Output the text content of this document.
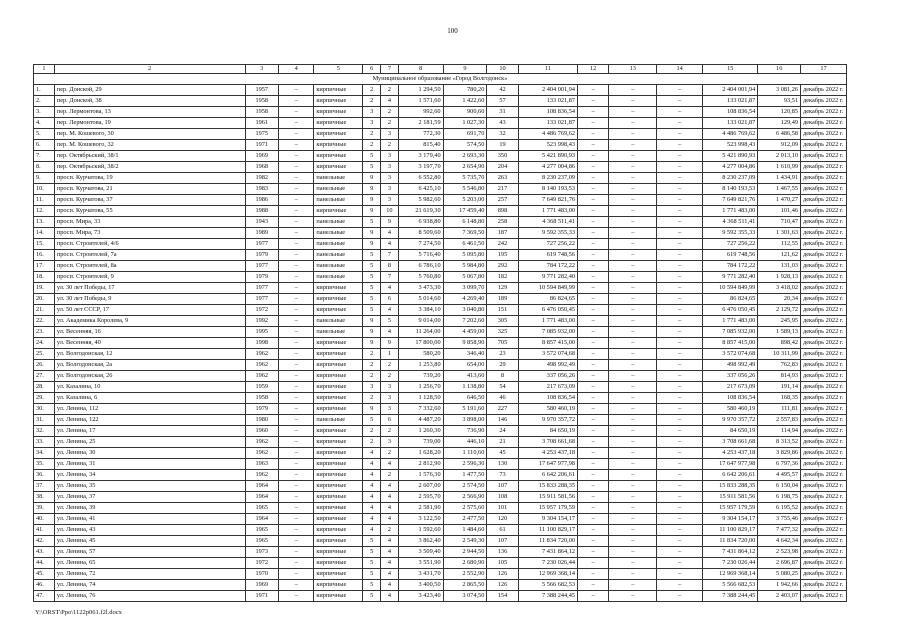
100
1	2	3	4	5	6	7	8	9	10	11	12	13	14	15	16	17
Муниципальное образование «Город Волгодонск»																
1.	пер. Донской, 29	1957	–	кирпичные	2	2	1 294,50	780,20	42	2 404 001,94	–	–	–	2 404 001,94	3 081,26	декабрь 2022 г.
2.	пер. Донской, 38	1958	–	кирпичные	2	4	1 571,60	1 422,60	57	133 021,87	–	–	–	133 021,87	93,51	декабрь 2022 г.
3.	пер. Лермонтова, 13	1958	–	кирпичные	3	2	992,60	900,60	31	108 836,54	–	–	–	108 836,54	120,85	декабрь 2022 г.
4.	пер. Лермонтова, 19	1961	–	кирпичные	3	2	2 181,59	1 027,30	43	133 021,87	–	–	–	133 021,87	129,49	декабрь 2022 г.
5.	пер. М. Кошевого, 30	1975	–	кирпичные	2	3	772,30	691,70	32	4 486 769,62	–	–	–	4 486 769,62	6 486,58	декабрь 2022 г.
6.	пер. М. Кошевого, 32	1971	–	кирпичные	2	2	815,40	574,50	19	523 998,43	–	–	–	523 998,43	912,09	декабрь 2022 г.
7.	пер. Октябрьский, 38/1	1969	–	кирпичные	5	3	3 179,40	2 693,30	350	5 421 890,93	–	–	–	5 421 890,93	2 013,10	декабрь 2022 г.
8.	пер. Октябрьский, 38/2	1968	–	кирпичные	5	3	3 197,70	2 654,90	204	4 277 004,86	–	–	–	4 277 004,86	1 610,99	декабрь 2022 г.
9.	просп. Курчатова, 19	1982	–	панельные	9	3	6 552,80	5 735,70	263	8 230 237,09	–	–	–	8 230 237,09	1 434,91	декабрь 2022 г.
10.	просп. Курчатова, 21	1983	–	панельные	9	3	6 425,10	5 546,80	217	8 140 193,53	–	–	–	8 140 193,53	1 467,55	декабрь 2022 г.
11.	просп. Курчатова, 37	1986	–	панельные	9	3	5 982,60	5 203,00	257	7 649 821,76	–	–	–	7 649 821,76	1 470,27	декабрь 2022 г.
12.	просп. Курчатова, 55	1988	–	кирпичные	9	10	21 619,30	17 459,40	898	1 771 483,00	–	–	–	1 771 483,00	101,46	декабрь 2022 г.
13.	просп. Мира, 33	1943	–	панельные	5	9	6 938,80	6 148,80	258	4 368 511,41	–	–	–	4 368 511,41	710,47	декабрь 2022 г.
14.	просп. Мира, 73	1989	–	панельные	9	4	8 509,60	7 369,50	187	9 592 355,33	–	–	–	9 592 355,33	1 301,63	декабрь 2022 г.
15.	просп. Строителей, 4/6	1977	–	панельные	9	4	7 274,50	6 461,50	242	727 256,22	–	–	–	727 256,22	112,55	декабрь 2022 г.
16.	просп. Строителей, 7а	1979	–	панельные	5	7	5 716,40	5 095,80	195	619 748,56	–	–	–	619 748,56	121,62	декабрь 2022 г.
17.	просп. Строителей, 8а	1977	–	панельные	5	8	6 786,10	5 984,80	292	784 172,22	–	–	–	784 172,22	131,03	декабрь 2022 г.
18.	просп. Строителей, 9	1979	–	панельные	5	7	5 760,80	5 067,80	182	9 771 282,40	–	–	–	9 771 282,40	1 928,13	декабрь 2022 г.
19.	ул. 30 лет Победы, 17	1977	–	кирпичные	5	4	3 473,30	3 099,70	129	10 594 849,99	–	–	–	10 594 849,99	3 418,02	декабрь 2022 г.
20.	ул. 30 лет Победы, 9	1977	–	кирпичные	5	6	5 014,60	4 269,40	189	86 824,65	–	–	–	86 824,65	20,34	декабрь 2022 г.
21.	ул. 50 лет СССР, 17	1972	–	кирпичные	5	4	3 384,10	3 040,80	151	6 476 050,45	–	–	–	6 476 050,45	2 129,72	декабрь 2022 г.
22.	ул. Академика Королева, 9	1992	–	панельные	9	5	9 014,00	7 202,60	305	1 771 483,00	–	–	–	1 771 483,00	245,95	декабрь 2022 г.
23.	ул. Весенняя, 16	1995	–	панельные	9	4	11 264,00	4 459,00	325	7 085 932,00	–	–	–	7 085 932,00	1 589,13	декабрь 2022 г.
24.	ул. Весенняя, 40	1998	–	кирпичные	9	9	17 800,00	9 858,90	705	8 857 415,00	–	–	–	8 857 415,00	898,42	декабрь 2022 г.
25.	ул. Волгодонская, 12	1962	–	кирпичные	2	1	580,20	346,40	23	3 572 074,68	–	–	–	3 572 074,68	10 311,99	декабрь 2022 г.
26.	ул. Волгодонская, 2а	1962	–	кирпичные	2	2	1 253,80	654,00	29	498 992,49	–	–	–	498 992,49	762,83	декабрь 2022 г.
27.	ул. Волгодонская, 26	1962	–	кирпичные	2	2	739,20	413,60	8	337 056,26	–	–	–	337 056,26	814,93	декабрь 2022 г.
28.	ул. Казалина, 10	1959	–	кирпичные	3	3	1 256,70	1 138,80	54	217 673,09	–	–	–	217 673,09	191,14	декабрь 2022 г.
29.	ул. Казалина, 6	1958	–	кирпичные	2	3	1 128,50	646,50	46	108 836,54	–	–	–	108 836,54	168,35	декабрь 2022 г.
30.	ул. Ленина, 112	1979	–	кирпичные	9	3	7 332,60	5 191,60	227	580 460,19	–	–	–	580 460,19	111,81	декабрь 2022 г.
31.	ул. Ленина, 122	1980	–	панельные	5	6	4 487,20	3 898,00	146	9 970 357,72	–	–	–	9 970 357,72	2 557,83	декабрь 2022 г.
32.	ул. Ленина, 17	1960	–	кирпичные	2	2	1 260,30	736,90	24	84 650,19	–	–	–	84 650,19	114,94	декабрь 2022 г.
33.	ул. Ленина, 25	1962	–	кирпичные	2	3	739,00	446,10	21	3 708 661,68	–	–	–	3 708 661,68	8 313,52	декабрь 2022 г.
34.	ул. Ленина, 30	1962	–	кирпичные	4	2	1 628,20	1 110,60	45	4 253 437,18	–	–	–	4 253 437,18	3 829,86	декабрь 2022 г.
35.	ул. Ленина, 31	1963	–	кирпичные	4	4	2 812,90	2 596,30	130	17 647 977,98	–	–	–	17 647 977,98	6 797,36	декабрь 2022 г.
36.	ул. Ленина, 34	1962	–	кирпичные	4	2	1 576,30	1 477,50	73	6 642 206,61	–	–	–	6 642 206,61	4 495,57	декабрь 2022 г.
37.	ул. Ленина, 35	1964	–	кирпичные	4	4	2 607,00	2 574,50	107	15 833 288,35	–	–	–	15 833 288,35	6 150,04	декабрь 2022 г.
38.	ул. Ленина, 37	1964	–	кирпичные	4	4	2 595,70	2 566,90	108	15 911 581,56	–	–	–	15 911 581,56	6 198,75	декабрь 2022 г.
39.	ул. Ленина, 39	1965	–	кирпичные	4	4	2 581,90	2 575,60	101	15 957 179,59	–	–	–	15 957 179,59	6 195,52	декабрь 2022 г.
40.	ул. Ленина, 41	1964	–	кирпичные	4	4	3 122,50	2 477,50	120	9 304 154,17	–	–	–	9 304 154,17	3 755,46	декабрь 2022 г.
41.	ул. Ленина, 43	1965	–	кирпичные	4	2	1 592,60	1 484,60	61	11 100 829,17	–	–	–	11 100 829,17	7 477,32	декабрь 2022 г.
42.	ул. Ленина, 45	1965	–	кирпичные	5	4	3 862,40	2 549,30	107	11 834 720,00	–	–	–	11 834 720,00	4 642,34	декабрь 2022 г.
43.	ул. Ленина, 57	1973	–	кирпичные	5	4	3 509,40	2 944,50	136	7 431 864,12	–	–	–	7 431 864,12	2 523,98	декабрь 2022 г.
44.	ул. Ленина, 65	1972	–	кирпичные	5	4	3 551,90	2 680,90	105	7 230 026,44	–	–	–	7 230 026,44	2 696,87	декабрь 2022 г.
45.	ул. Ленина, 72	1970	–	кирпичные	5	4	3 431,70	2 552,90	126	12 969 368,14	–	–	–	12 969 368,14	5 080,25	декабрь 2022 г.
46.	ул. Ленина, 74	1969	–	кирпичные	5	4	3 400,50	2 865,50	126	5 566 682,53	–	–	–	5 566 682,53	1 942,66	декабрь 2022 г.
47.	ул. Ленина, 76	1971	–	кирпичные	5	4	3 423,40	3 074,50	154	7 388 244,45	–	–	–	7 388 244,45	2 403,07	декабрь 2022 г.
Y:\ORST\Ppo\1122p061.f2l.docx
